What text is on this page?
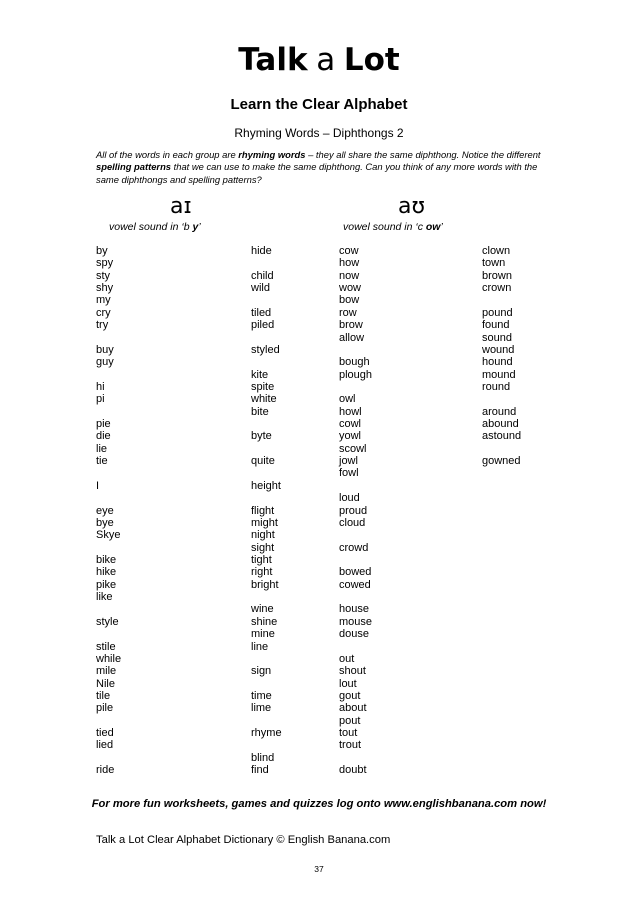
Talk a Lot
Learn the Clear Alphabet
Rhyming Words – Diphthongs 2
All of the words in each group are rhyming words – they all share the same diphthong. Notice the different spelling patterns that we can use to make the same diphthong. Can you think of any more words with the same diphthongs and spelling patterns?
aɪ	aʊ
vowel sound in ‘b y’	vowel sound in ‘c ow’
by
spy
sty
shy
my
cry
try
buy
guy
hi
pi
pie
die
lie
tie
I
eye
bye
Skye
bike
hike
pike
like
style
stile
while
mile
Nile
tile
pile
tied
lied
ride
hide
child
wild
tiled
piled
styled
kite
spite
white
bite
byte
quite
height
flight
might
night
sight
tight
right
bright
wine
shine
mine
line
sign
time
lime
rhyme
blind
find
cow
how
now
wow
bow
row
brow
allow
bough
plough
owl
howl
cowl
yowl
scowl
jowl
fowl
loud
proud
cloud
crowd
bowed
cowed
house
mouse
douse
out
shout
lout
gout
about
pout
tout
trout
doubt
clown
town
brown
crown
pound
found
sound
wound
hound
mound
round
around
abound
astound
gowned
For more fun worksheets, games and quizzes log onto www.englishbanana.com now!
Talk a Lot Clear Alphabet Dictionary © English Banana.com
37
